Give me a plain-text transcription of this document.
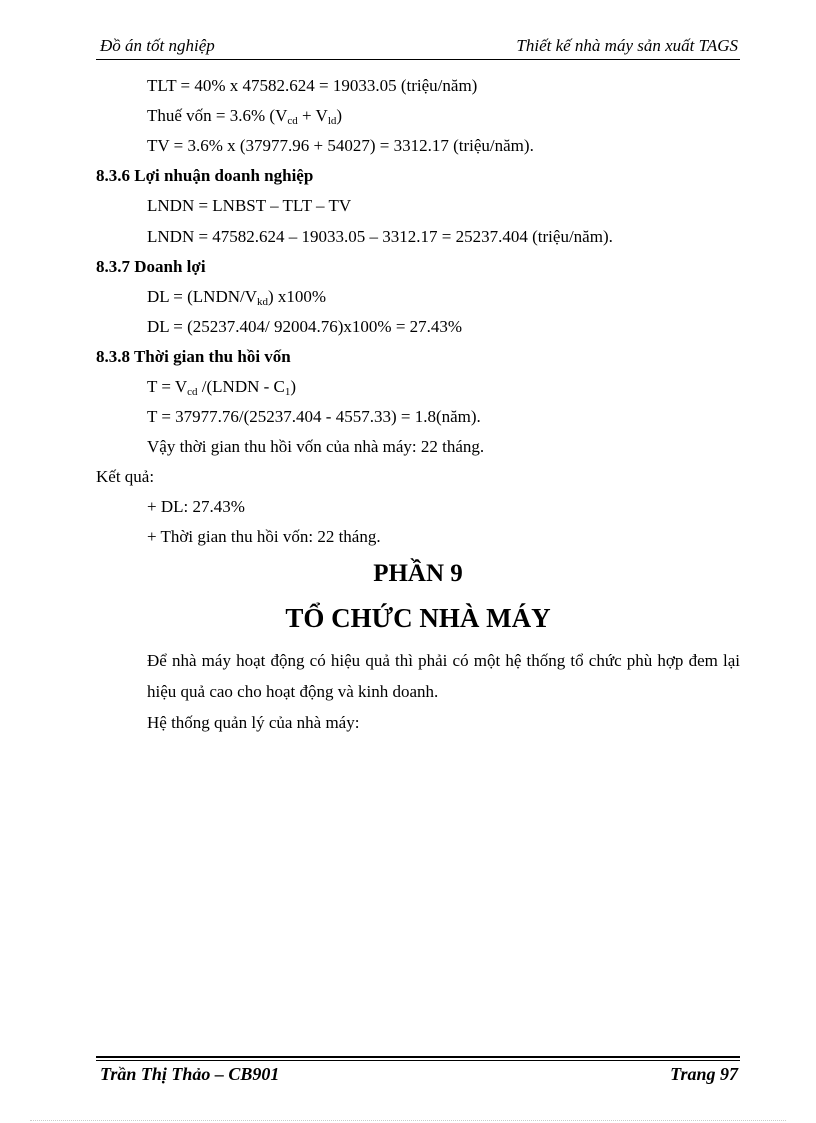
Đồ án tốt nghiệp	Thiết kế nhà máy sản xuất TAGS
TLT = 40% x 47582.624 = 19033.05 (triệu/năm)
Thuế vốn = 3.6% $(V_{cd} + V_{ld})$
TV = 3.6% x (37977.96 + 54027) = 3312.17 (triệu/năm).
8.3.6 Lợi nhuận doanh nghiệp
LNDN = LNBST – TLT – TV
LNDN = 47582.624 – 19033.05 – 3312.17 = 25237.404 (triệu/năm).
8.3.7 Doanh lợi
DL = $(LNDN/V_{kd})$ x100%
DL = (25237.404/ 92004.76)x100% = 27.43%
8.3.8 Thời gian thu hồi vốn
$T = V_{cd}$ /(LNDN - $C_1$)
T = 37977.76/(25237.404 - 4557.33) = 1.8(năm).
Vậy thời gian thu hồi vốn của nhà máy: 22 tháng.
Kết quả:
+ DL: 27.43%
+ Thời gian thu hồi vốn: 22 tháng.
PHẦN 9
TỔ CHỨC NHÀ MÁY
Để nhà máy hoạt động có hiệu quả thì phải có một hệ thống tổ chức phù hợp đem lại hiệu quả cao cho hoạt động và kinh doanh.
Hệ thống quản lý của nhà máy:
Trần Thị Thảo – CB901	Trang 97
